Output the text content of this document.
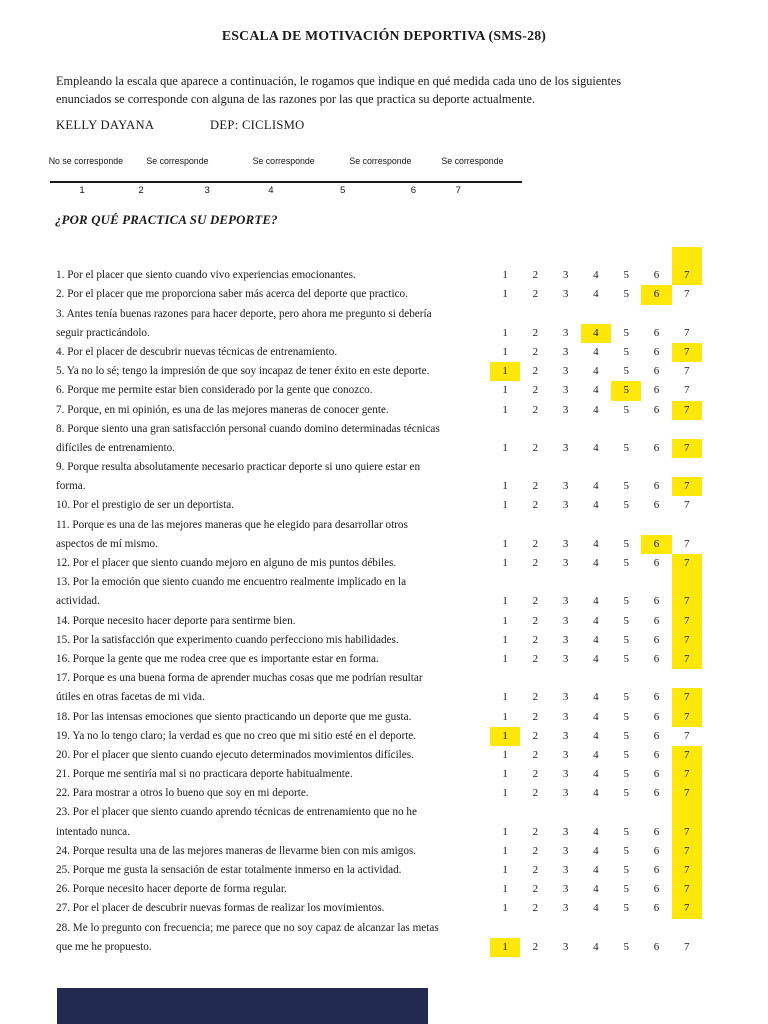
ESCALA DE MOTIVACIÓN DEPORTIVA (SMS-28)
Empleando la escala que aparece a continuación, le rogamos que indique en qué medida cada uno de los siguientes
enunciados se corresponde con alguna de las razones por las que practica su deporte actualmente.
KELLY DAYANA	DEP: CICLISMO
No se corresponde	Se corresponde	Se corresponde	Se corresponde	Se corresponde

1	2	3	4	5	6	7
¿POR QUÉ PRACTICA SU DEPORTE?
1. Por el placer que siento cuando vivo experiencias emocionantes.	1	2	3	4	5	6	7
2. Por el placer que me proporciona saber más acerca del deporte que practico.	1	2	3	4	5	6	7
3. Antes tenía buenas razones para hacer deporte, pero ahora me pregunto si debería
seguir practicándolo.	1	2	3	4	5	6	7
4. Por el placer de descubrir nuevas técnicas de entrenamiento.	1	2	3	4	5	6	7
5. Ya no lo sé; tengo la impresión de que soy incapaz de tener éxito en este deporte.	1	2	3	4	5	6	7
6. Porque me permite estar bien considerado por la gente que conozco.	1	2	3	4	5	6	7
7. Porque, en mi opinión, es una de las mejores maneras de conocer gente.	1	2	3	4	5	6	7
8. Porque siento una gran satisfacción personal cuando domino determinadas técnicas
difíciles de entrenamiento.	1	2	3	4	5	6	7
9. Porque resulta absolutamente necesario practicar deporte si uno quiere estar en
forma.	1	2	3	4	5	6	7
10. Por el prestigio de ser un deportista.	1	2	3	4	5	6	7
11. Porque es una de las mejores maneras que he elegido para desarrollar otros
aspectos de mí mismo.	1	2	3	4	5	6	7
12. Por el placer que siento cuando mejoro en alguno de mis puntos débiles.	1	2	3	4	5	6	7
13. Por la emoción que siento cuando me encuentro realmente implicado en la
actividad.	1	2	3	4	5	6	7
14. Porque necesito hacer deporte para sentirme bien.	1	2	3	4	5	6	7
15. Por la satisfacción que experimento cuando perfecciono mis habilidades.	1	2	3	4	5	6	7
16. Porque la gente que me rodea cree que es importante estar en forma.	1	2	3	4	5	6	7
17. Porque es una buena forma de aprender muchas cosas que me podrían resultar
útiles en otras facetas de mi vida.	1	2	3	4	5	6	7
18. Por las intensas emociones que siento practicando un deporte que me gusta.	1	2	3	4	5	6	7
19. Ya no lo tengo claro; la verdad es que no creo que mi sitio esté en el deporte.	1	2	3	4	5	6	7
20. Por el placer que siento cuando ejecuto determinados movimientos difíciles.	1	2	3	4	5	6	7
21. Porque me sentiría mal si no practicara deporte habitualmente.	1	2	3	4	5	6	7
22. Para mostrar a otros lo bueno que soy en mi deporte.	1	2	3	4	5	6	7
23. Por el placer que siento cuando aprendo técnicas de entrenamiento que no he
intentado nunca.	1	2	3	4	5	6	7
24. Porque resulta una de las mejores maneras de llevarme bien con mis amigos.	1	2	3	4	5	6	7
25. Porque me gusta la sensación de estar totalmente inmerso en la actividad.	1	2	3	4	5	6	7
26. Porque necesito hacer deporte de forma regular.	1	2	3	4	5	6	7
27. Por el placer de descubrir nuevas formas de realizar los movimientos.	1	2	3	4	5	6	7
28. Me lo pregunto con frecuencia; me parece que no soy capaz de alcanzar las metas
que me he propuesto.	1	2	3	4	5	6	7
